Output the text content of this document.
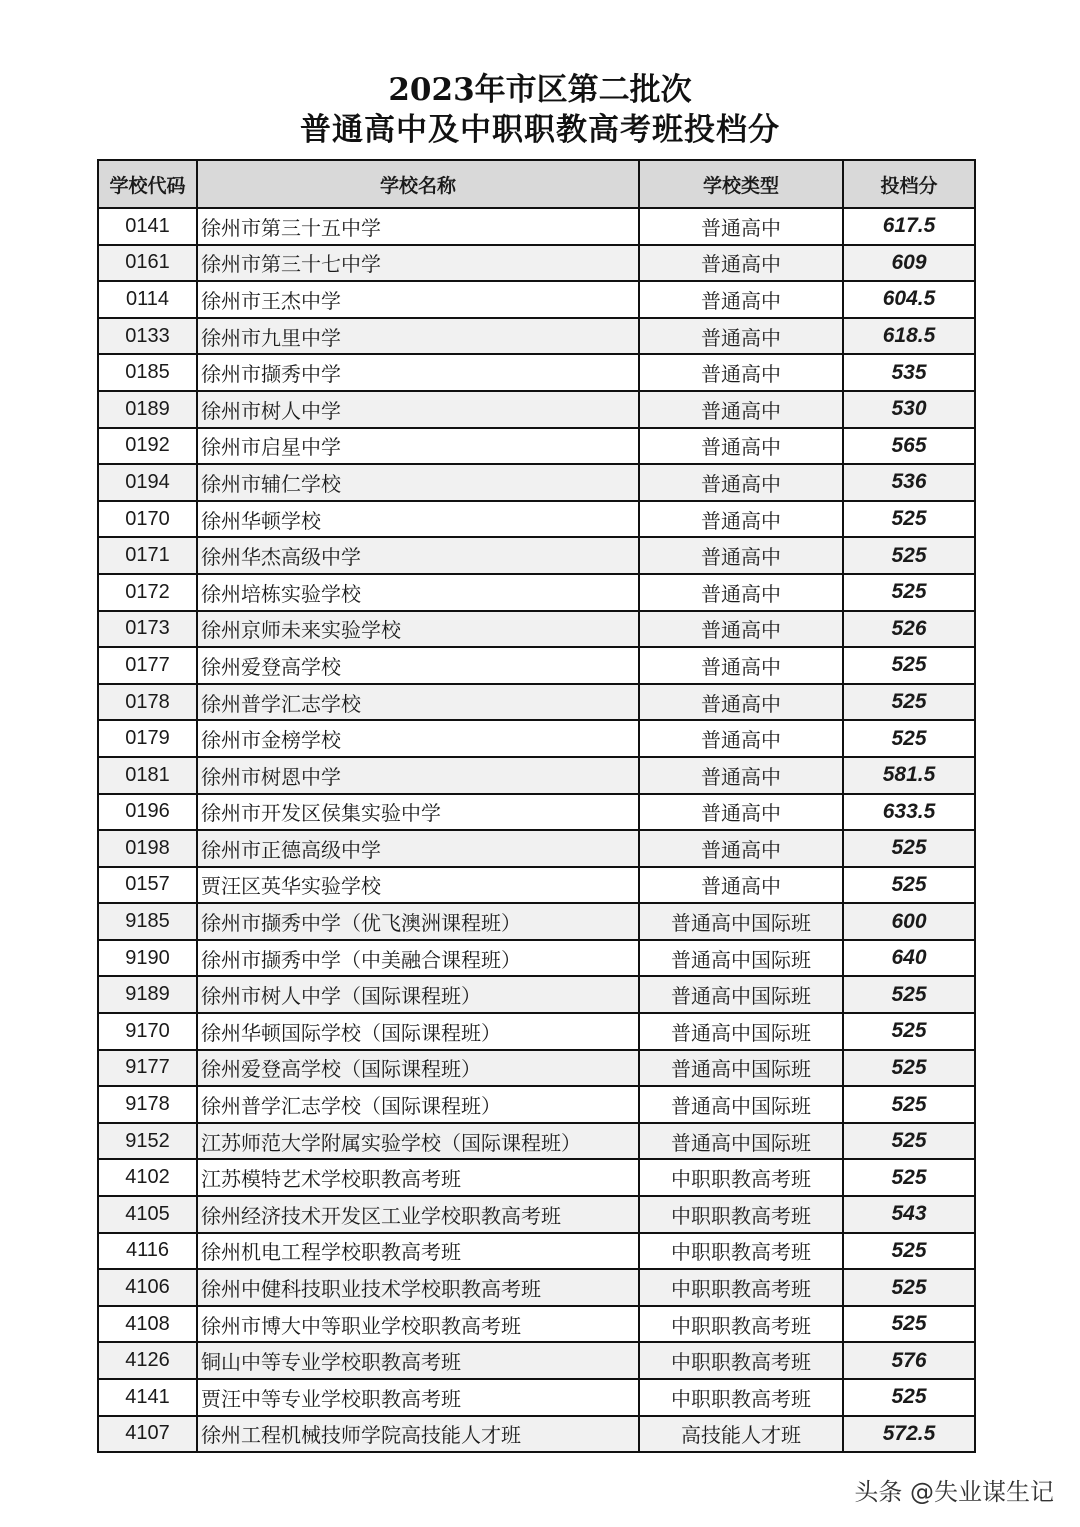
2023年市区第二批次
普通高中及中职职教高考班投档分
学校代码	学校名称	学校类型	投档分
0141	徐州市第三十五中学	普通高中	617.5
0161	徐州市第三十七中学	普通高中	609
0114	徐州市王杰中学	普通高中	604.5
0133	徐州市九里中学	普通高中	618.5
0185	徐州市撷秀中学	普通高中	535
0189	徐州市树人中学	普通高中	530
0192	徐州市启星中学	普通高中	565
0194	徐州市辅仁学校	普通高中	536
0170	徐州华顿学校	普通高中	525
0171	徐州华杰高级中学	普通高中	525
0172	徐州培栋实验学校	普通高中	525
0173	徐州京师未来实验学校	普通高中	526
0177	徐州爱登高学校	普通高中	525
0178	徐州普学汇志学校	普通高中	525
0179	徐州市金榜学校	普通高中	525
0181	徐州市树恩中学	普通高中	581.5
0196	徐州市开发区侯集实验中学	普通高中	633.5
0198	徐州市正德高级中学	普通高中	525
0157	贾汪区英华实验学校	普通高中	525
9185	徐州市撷秀中学（优飞澳洲课程班）	普通高中国际班	600
9190	徐州市撷秀中学（中美融合课程班）	普通高中国际班	640
9189	徐州市树人中学（国际课程班）	普通高中国际班	525
9170	徐州华顿国际学校（国际课程班）	普通高中国际班	525
9177	徐州爱登高学校（国际课程班）	普通高中国际班	525
9178	徐州普学汇志学校（国际课程班）	普通高中国际班	525
9152	江苏师范大学附属实验学校（国际课程班）	普通高中国际班	525
4102	江苏模特艺术学校职教高考班	中职职教高考班	525
4105	徐州经济技术开发区工业学校职教高考班	中职职教高考班	543
4116	徐州机电工程学校职教高考班	中职职教高考班	525
4106	徐州中健科技职业技术学校职教高考班	中职职教高考班	525
4108	徐州市博大中等职业学校职教高考班	中职职教高考班	525
4126	铜山中等专业学校职教高考班	中职职教高考班	576
4141	贾汪中等专业学校职教高考班	中职职教高考班	525
4107	徐州工程机械技师学院高技能人才班	高技能人才班	572.5
头条 @失业谋生记
